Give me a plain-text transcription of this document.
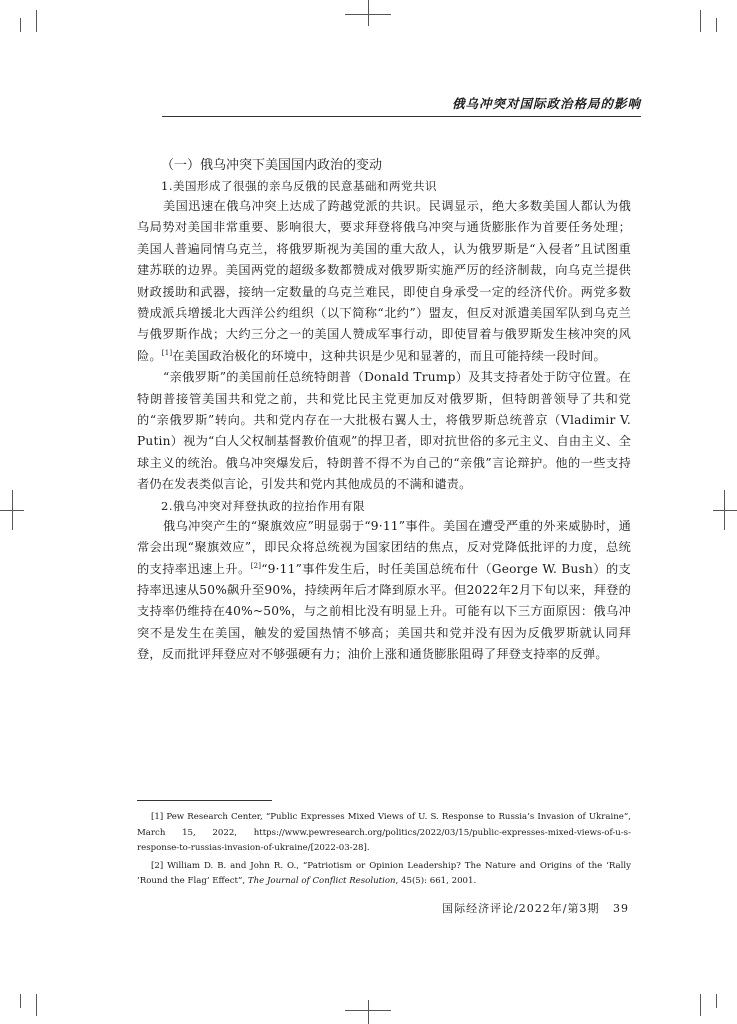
俄乌冲突对国际政治格局的影响

（一）俄乌冲突下美国国内政治的变动

1.美国形成了很强的亲乌反俄的民意基础和两党共识

美国迅速在俄乌冲突上达成了跨越党派的共识。民调显示，绝大多数美国人都认为俄乌局势对美国非常重要、影响很大，要求拜登将俄乌冲突与通货膨胀作为首要任务处理；美国人普遍同情乌克兰，将俄罗斯视为美国的重大敌人，认为俄罗斯是“入侵者”且试图重建苏联的边界。美国两党的超级多数都赞成对俄罗斯实施严厉的经济制裁，向乌克兰提供财政援助和武器，接纳一定数量的乌克兰难民，即使自身承受一定的经济代价。两党多数赞成派兵增援北大西洋公约组织（以下简称“北约”）盟友，但反对派遣美国军队到乌克兰与俄罗斯作战；大约三分之一的美国人赞成军事行动，即使冒着与俄罗斯发生核冲突的风险。[1]在美国政治极化的环境中，这种共识是少见和显著的，而且可能持续一段时间。

“亲俄罗斯”的美国前任总统特朗普（Donald Trump）及其支持者处于防守位置。在特朗普接管美国共和党之前，共和党比民主党更加反对俄罗斯，但特朗普领导了共和党的“亲俄罗斯”转向。共和党内存在一大批极右翼人士，将俄罗斯总统普京（Vladimir V. Putin）视为“白人父权制基督教价值观”的捍卫者，即对抗世俗的多元主义、自由主义、全球主义的统治。俄乌冲突爆发后，特朗普不得不为自己的“亲俄”言论辩护。他的一些支持者仍在发表类似言论，引发共和党内其他成员的不满和谴责。

2.俄乌冲突对拜登执政的拉抬作用有限

俄乌冲突产生的“聚旗效应”明显弱于“9·11”事件。美国在遭受严重的外来威胁时，通常会出现“聚旗效应”，即民众将总统视为国家团结的焦点，反对党降低批评的力度，总统的支持率迅速上升。[2]“9·11”事件发生后，时任美国总统布什（George W. Bush）的支持率迅速从50%飙升至90%，持续两年后才降到原水平。但2022年2月下旬以来，拜登的支持率仍维持在40%~50%，与之前相比没有明显上升。可能有以下三方面原因：俄乌冲突不是发生在美国，触发的爱国热情不够高；美国共和党并没有因为反俄罗斯就认同拜登，反而批评拜登应对不够强硬有力；油价上涨和通货膨胀阻碍了拜登支持率的反弹。

[1] Pew Research Center, “Public Expresses Mixed Views of U. S. Response to Russia’s Invasion of Ukraine”, March 15, 2022, https://www.pewresearch.org/politics/2022/03/15/public-expresses-mixed-views-of-u-s-response-to-russias-invasion-of-ukraine/[2022-03-28].

[2] William D. B. and John R. O., “Patriotism or Opinion Leadership? The Nature and Origins of the ‘Rally ’Round the Flag’ Effect”, The Journal of Conflict Resolution, 45(5): 661, 2001.

国际经济评论/2022年/第3期 39
